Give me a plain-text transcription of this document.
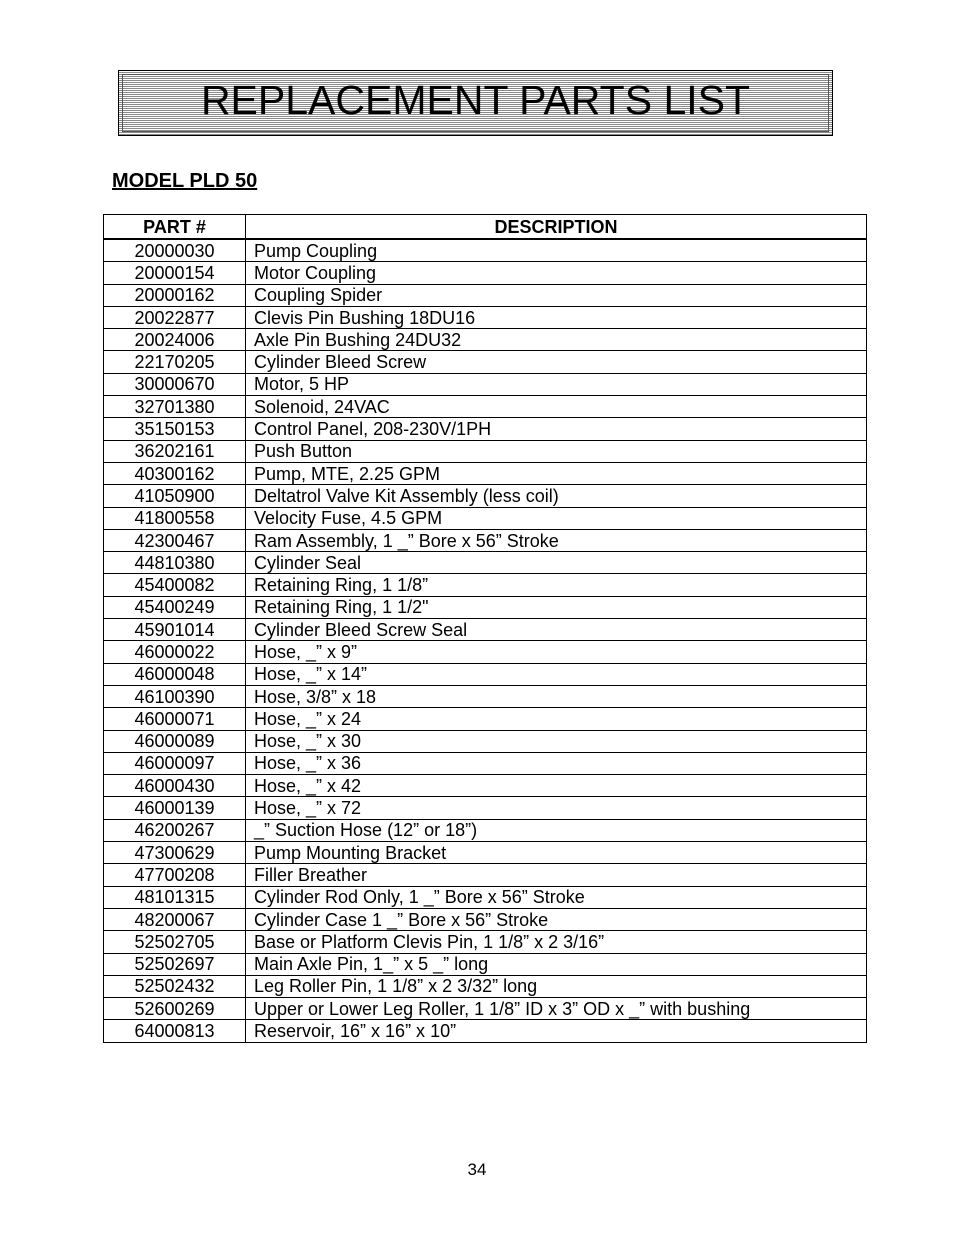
REPLACEMENT PARTS LIST
MODEL PLD 50
PART #	DESCRIPTION
20000030	Pump Coupling
20000154	Motor Coupling
20000162	Coupling Spider
20022877	Clevis Pin Bushing 18DU16
20024006	Axle Pin Bushing 24DU32
22170205	Cylinder Bleed Screw
30000670	Motor, 5 HP
32701380	Solenoid, 24VAC
35150153	Control Panel, 208-230V/1PH
36202161	Push Button
40300162	Pump, MTE, 2.25 GPM
41050900	Deltatrol Valve Kit Assembly (less coil)
41800558	Velocity Fuse, 4.5 GPM
42300467	Ram Assembly, 1 _” Bore x 56” Stroke
44810380	Cylinder Seal
45400082	Retaining Ring, 1 1/8”
45400249	Retaining Ring, 1 1/2"
45901014	Cylinder Bleed Screw Seal
46000022	Hose, _” x 9”
46000048	Hose, _” x 14”
46100390	Hose, 3/8” x 18
46000071	Hose, _” x 24
46000089	Hose, _” x 30
46000097	Hose, _” x 36
46000430	Hose, _” x 42
46000139	Hose, _” x 72
46200267	_” Suction Hose (12” or 18”)
47300629	Pump Mounting Bracket
47700208	Filler Breather
48101315	Cylinder Rod Only, 1 _” Bore x 56” Stroke
48200067	Cylinder Case 1 _” Bore x 56” Stroke
52502705	Base or Platform Clevis Pin, 1 1/8” x 2 3/16”
52502697	Main Axle Pin, 1_” x 5 _” long
52502432	Leg Roller Pin, 1 1/8” x 2 3/32” long
52600269	Upper or Lower Leg Roller, 1 1/8” ID x 3” OD x _” with bushing
64000813	Reservoir, 16” x 16” x 10”
34
